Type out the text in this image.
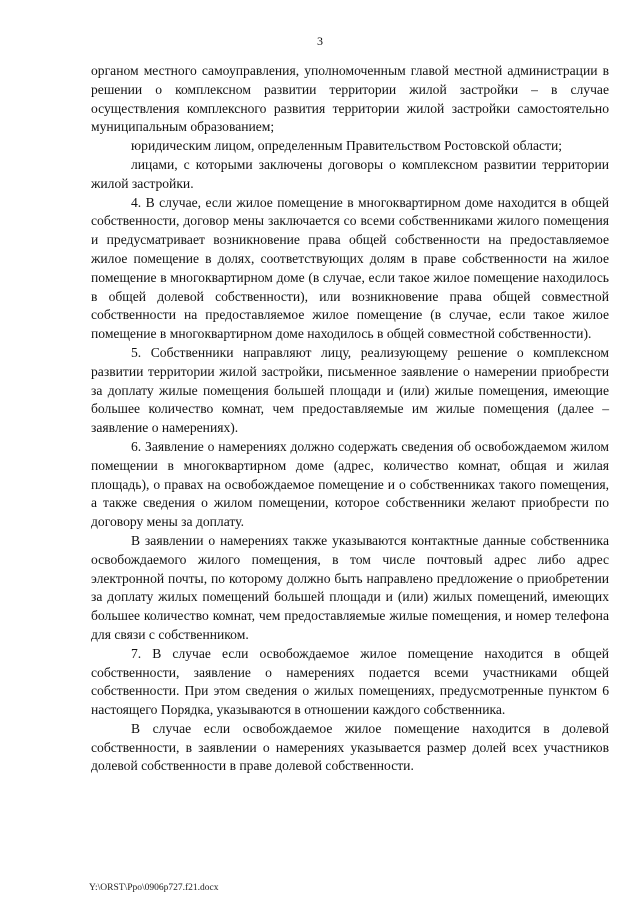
3

органом местного самоуправления, уполномоченным главой местной администрации в решении о комплексном развитии территории жилой застройки – в случае осуществления комплексного развития территории жилой застройки самостоятельно муниципальным образованием;

юридическим лицом, определенным Правительством Ростовской области;

лицами, с которыми заключены договоры о комплексном развитии территории жилой застройки.

4. В случае, если жилое помещение в многоквартирном доме находится в общей собственности, договор мены заключается со всеми собственниками жилого помещения и предусматривает возникновение права общей собственности на предоставляемое жилое помещение в долях, соответствующих долям в праве собственности на жилое помещение в многоквартирном доме (в случае, если такое жилое помещение находилось в общей долевой собственности), или возникновение права общей совместной собственности на предоставляемое жилое помещение (в случае, если такое жилое помещение в многоквартирном доме находилось в общей совместной собственности).

5. Собственники направляют лицу, реализующему решение о комплексном развитии территории жилой застройки, письменное заявление о намерении приобрести за доплату жилые помещения большей площади и (или) жилые помещения, имеющие большее количество комнат, чем предоставляемые им жилые помещения (далее – заявление о намерениях).

6. Заявление о намерениях должно содержать сведения об освобождаемом жилом помещении в многоквартирном доме (адрес, количество комнат, общая и жилая площадь), о правах на освобождаемое помещение и о собственниках такого помещения, а также сведения о жилом помещении, которое собственники желают приобрести по договору мены за доплату.

В заявлении о намерениях также указываются контактные данные собственника освобождаемого жилого помещения, в том числе почтовый адрес либо адрес электронной почты, по которому должно быть направлено предложение о приобретении за доплату жилых помещений большей площади и (или) жилых помещений, имеющих большее количество комнат, чем предоставляемые жилые помещения, и номер телефона для связи с собственником.

7. В случае если освобождаемое жилое помещение находится в общей собственности, заявление о намерениях подается всеми участниками общей собственности. При этом сведения о жилых помещениях, предусмотренные пунктом 6 настоящего Порядка, указываются в отношении каждого собственника.

В случае если освобождаемое жилое помещение находится в долевой собственности, в заявлении о намерениях указывается размер долей всех участников долевой собственности в праве долевой собственности.

Y:\ORST\Ppo\0906p727.f21.docx
